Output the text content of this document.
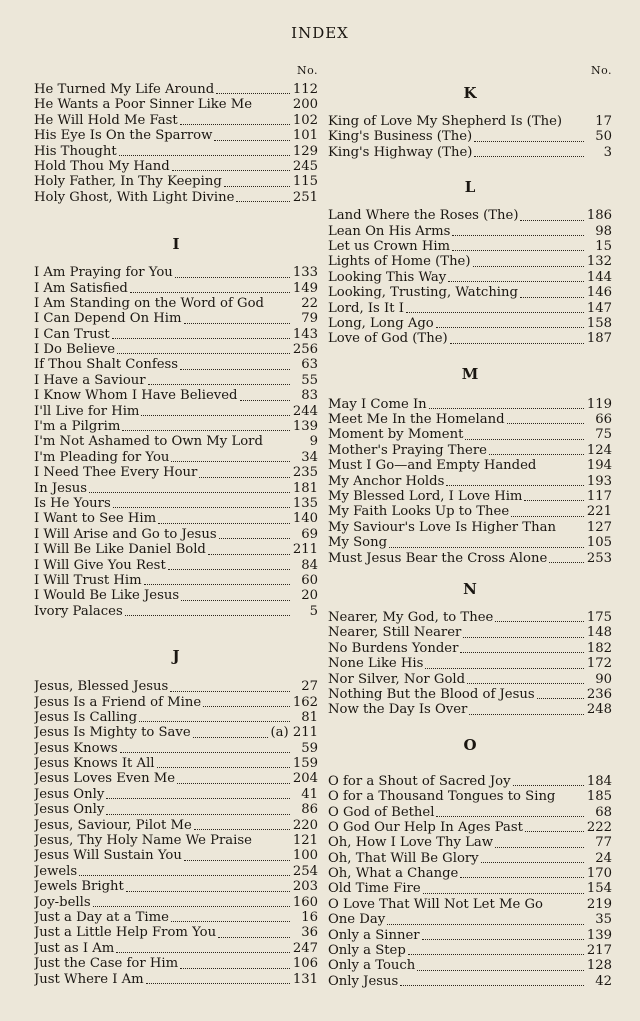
INDEX
No.
He Turned My Life Around	112
He Wants a Poor Sinner Like Me	200
He Will Hold Me Fast	102
His Eye Is On the Sparrow	101
His Thought	129
Hold Thou My Hand	245
Holy Father, In Thy Keeping	115
Holy Ghost, With Light Divine	251
I
I Am Praying for You	133
I Am Satisfied	149
I Am Standing on the Word of God	22
I Can Depend On Him	79
I Can Trust	143
I Do Believe	256
If Thou Shalt Confess	63
I Have a Saviour	55
I Know Whom I Have Believed	83
I'll Live for Him	244
I'm a Pilgrim	139
I'm Not Ashamed to Own My Lord	9
I'm Pleading for You	34
I Need Thee Every Hour	235
In Jesus	181
Is He Yours	135
I Want to See Him	140
I Will Arise and Go to Jesus	69
I Will Be Like Daniel Bold	211
I Will Give You Rest	84
I Will Trust Him	60
I Would Be Like Jesus	20
Ivory Palaces	5
J
Jesus, Blessed Jesus	27
Jesus Is a Friend of Mine	162
Jesus Is Calling	81
Jesus Is Mighty to Save	(a) 211
Jesus Knows	59
Jesus Knows It All	159
Jesus Loves Even Me	204
Jesus Only	41
Jesus Only	86
Jesus, Saviour, Pilot Me	220
Jesus, Thy Holy Name We Praise	121
Jesus Will Sustain You	100
Jewels	254
Jewels Bright	203
Joy-bells	160
Just a Day at a Time	16
Just a Little Help From You	36
Just as I Am	247
Just the Case for Him	106
Just Where I Am	131
No.
K
King of Love My Shepherd Is (The)	17
King's Business (The)	50
King's Highway (The)	3
L
Land Where the Roses (The)	186
Lean On His Arms	98
Let us Crown Him	15
Lights of Home (The)	132
Looking This Way	144
Looking, Trusting, Watching	146
Lord, Is It I	147
Long, Long Ago	158
Love of God (The)	187
M
May I Come In	119
Meet Me In the Homeland	66
Moment by Moment	75
Mother's Praying There	124
Must I Go—and Empty Handed	194
My Anchor Holds	193
My Blessed Lord, I Love Him	117
My Faith Looks Up to Thee	221
My Saviour's Love Is Higher Than 127
My Song	105
Must Jesus Bear the Cross Alone	253
N
Nearer, My God, to Thee	175
Nearer, Still Nearer	148
No Burdens Yonder	182
None Like His	172
Nor Silver, Nor Gold	90
Nothing But the Blood of Jesus	236
Now the Day Is Over	248
O
O for a Shout of Sacred Joy	184
O for a Thousand Tongues to Sing 185
O God of Bethel	68
O God Our Help In Ages Past	222
Oh, How I Love Thy Law	77
Oh, That Will Be Glory	24
Oh, What a Change	170
Old Time Fire	154
O Love That Will Not Let Me Go	219
One Day	35
Only a Sinner	139
Only a Step	217
Only a Touch	128
Only Jesus	42
